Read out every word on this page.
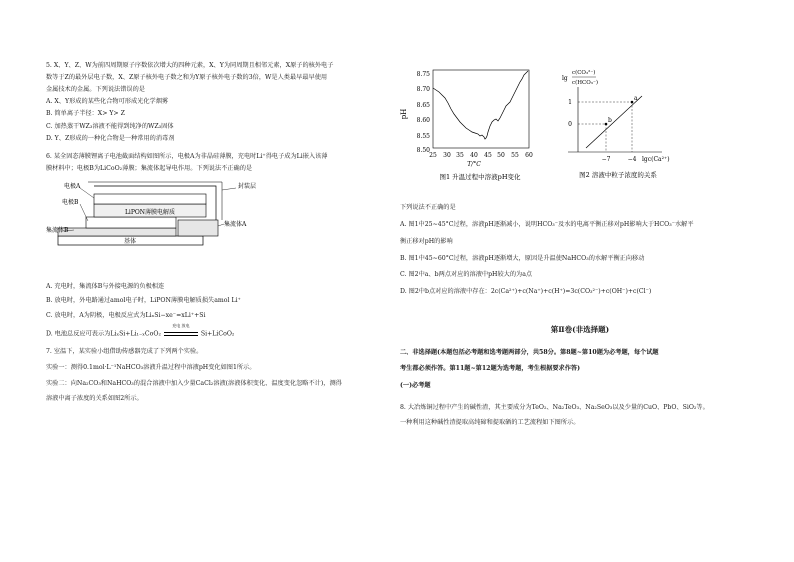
5. X、Y、Z、W为前四周期原子序数依次增大的四种元素，X、Y为同周期且相邻元素，X原子的核外电子
数等于Z的最外层电子数，X、Z原子核外电子数之和为Y原子核外电子数的3倍，W是人类最早最早使用
金属技术的金属。下列说法错误的是
A. X、Y形成的某些化合物可形成光化学烟雾
B. 简单离子半径：X> Y> Z
C. 加热蒸干WZ₃溶液不能得到纯净的WZ₃固体
D. Y、Z形成的一种化合物是一种常用的消毒剂
6. 某全固态薄膜锂离子电池截面结构如图所示，电极A为非晶硅薄膜，充电时Li⁺得电子成为Li嵌入该薄
膜材料中；电极B为LiCoO₂薄膜；集流体起导电作用。下列说法不正确的是
基体
LiPON薄膜电解质
电极A
电极B
集流体B
封装层
集流体A
A. 充电时，集流体B与外接电源的负极相连
B. 放电时，外电路通过amol电子时，LiPON薄膜电解质损失amol Li⁺
C. 放电时，A为阴极，电极反应式为LiₓSi−xe⁻=xLi⁺+Si
D. 电池总反应可表示为LiₓSi+Li₁₋ₓCoO₂
充电 放电
Si+LiCoO₂
7. 室温下，某实验小组借助传感器完成了下列两个实验。
实验一：测得0.1mol·L⁻¹NaHCO₃溶液升温过程中溶液pH变化如图1所示。
实验二：向Na₂CO₃和NaHCO₃的混合溶液中加入少量CaCl₂溶液(溶液体积变化、温度变化忽略不计)，测得
溶液中离子浓度的关系如图2所示。
pH
8.75
8.70
8.65
8.60
8.55
8.50
25 30 35 40 45 50 55 60
T/°C
图1 升温过程中溶液pH变化
lg
c(CO₃²⁻)
c(HCO₃⁻)
a
b
1
0
−7	−4 lgc(Ca²⁺)
图2 溶液中粒子浓度的关系
下列说法不正确的是
A. 图1中25~45°C过程，溶液pH逐渐减小，说明HCO₃⁻及水的电离平衡正移对pH影响大于HCO₃⁻水解平
衡正移对pH的影响
B. 图1中45~60°C过程，溶液pH逐渐增大，原因是升温使NaHCO₃的水解平衡正向移动
C. 图2中a、b两点对应的溶液中pH较大的为a点
D. 图2中b点对应的溶液中存在：2c(Ca²⁺)+c(Na⁺)+c(H⁺)=3c(CO₃²⁻)+c(OH⁻)+c(Cl⁻)
第Ⅱ卷(非选择题)
二、非选择题(本题包括必考题和选考题两部分，共58分。第8题~第10题为必考题，每个试题
考生都必须作答。第11题~第12题为选考题，考生根据要求作答)
(一)必考题
8. 大冶炼铜过程中产生的碱性渣，其主要成分为TeO₂、Na₂TeO₃、Na₂SeO₃以及少量的CuO、PbO、SiO₂等。
一种利用这种碱性渣提取高纯碲和提取硒的工艺流程如下图所示。
